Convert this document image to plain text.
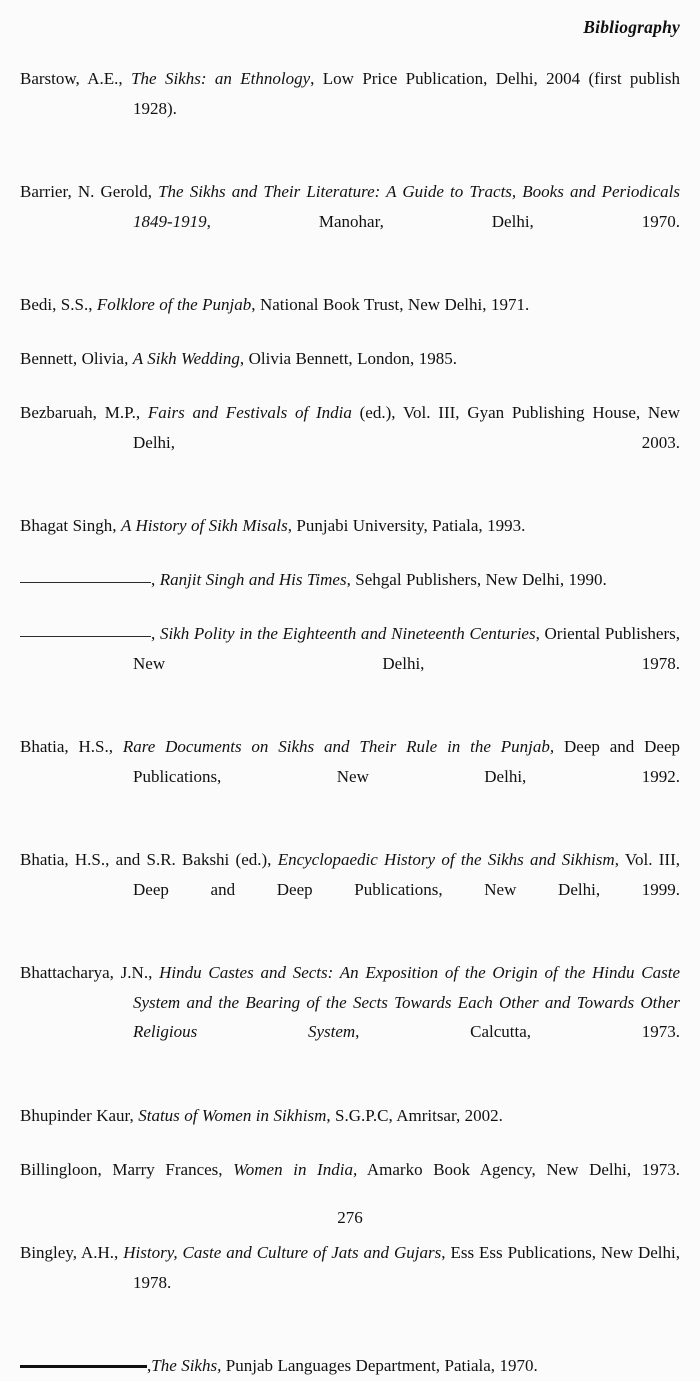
Bibliography

Barstow, A.E., The Sikhs: an Ethnology, Low Price Publication, Delhi, 2004 (first publish 1928).

Barrier, N. Gerold, The Sikhs and Their Literature: A Guide to Tracts, Books and Periodicals 1849-1919, Manohar, Delhi, 1970.

Bedi, S.S., Folklore of the Punjab, National Book Trust, New Delhi, 1971.

Bennett, Olivia, A Sikh Wedding, Olivia Bennett, London, 1985.

Bezbaruah, M.P., Fairs and Festivals of India (ed.), Vol. III, Gyan Publishing House, New Delhi, 2003.

Bhagat Singh, A History of Sikh Misals, Punjabi University, Patiala, 1993.

, Ranjit Singh and His Times, Sehgal Publishers, New Delhi, 1990.

, Sikh Polity in the Eighteenth and Nineteenth Centuries, Oriental Publishers, New Delhi, 1978.

Bhatia, H.S., Rare Documents on Sikhs and Their Rule in the Punjab, Deep and Deep Publications, New Delhi, 1992.

Bhatia, H.S., and S.R. Bakshi (ed.), Encyclopaedic History of the Sikhs and Sikhism, Vol. III, Deep and Deep Publications, New Delhi, 1999.

Bhattacharya, J.N., Hindu Castes and Sects: An Exposition of the Origin of the Hindu Caste System and the Bearing of the Sects Towards Each Other and Towards Other Religious System, Calcutta, 1973.

Bhupinder Kaur, Status of Women in Sikhism, S.G.P.C, Amritsar, 2002.

Billingloon, Marry Frances, Women in India, Amarko Book Agency, New Delhi, 1973.

Bingley, A.H., History, Caste and Culture of Jats and Gujars, Ess Ess Publications, New Delhi, 1978.

,The Sikhs, Punjab Languages Department, Patiala, 1970.

276
